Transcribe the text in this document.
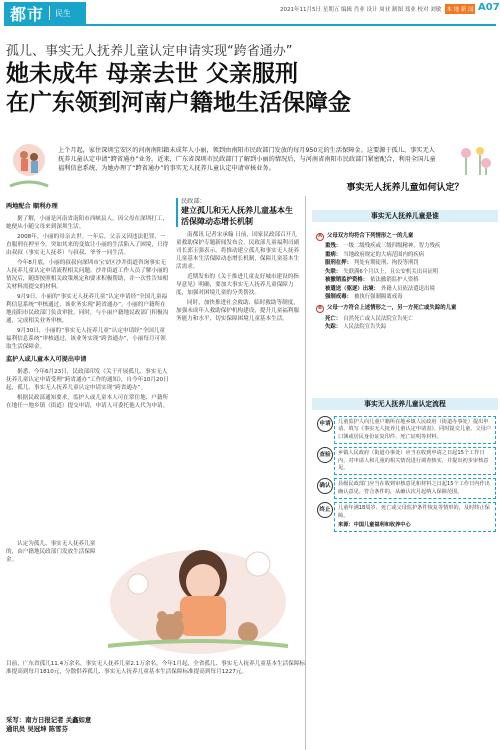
都市 民生	2021年11月5日 星期五 编辑 肖业 设计 周业 制图 郑业 校对 刘敏 本 地 新 闻 A07
孤儿、事实无人抚养儿童认定申请实现“跨省通办”
她未成年 母亲去世 父亲服刑
在广东领到河南户籍地生活保障金
上个月起，家住深圳宝安区的河南南阳籍未成年人小丽，领到由南阳市民政部门发放的每月950元的生活保障金。这要源于孤儿、事实无人抚养儿童认定申请“跨省通办”业务。近来，广东省深圳市民政部门了解到小丽的情况后，与河南省南阳市民政部门紧密配合，利用全国儿童福利信息系统，为她办理了“跨省通办”的事实无人抚养儿童认定申请审核业务。
两地配合 顺利办理

据了解，小丽是河南省南阳市西峡县人，因父母在深圳打工，她便从小随父母来到深圳生活。

2008年，小丽的母亲去世。一年后，父亲又因违法犯罪，一直服刑在押至今。突如其来的变故让小丽的生活陷入了困境，只得由叔叔（事实无人抚养）与叔叔、爷爷一同生活。

今年8月底，小丽的叔叔向深圳市宝安区沙井街道咨询事实无人抚养儿童认定申请流程相关问题。沙井街道工作人员了解小丽的情况后，随即按照相关政策规定和要求积极帮助，并一次性告知相关材料需提交的材料。

9月9日，小丽的“事实无人抚养儿童”认定申请经“全国儿童福利信息系统”审核通过，该业务实现“跨省通办”。小丽的户籍所在地南阳市民政部门负责审批，同时，与小丽户籍地民政部门积极沟通，完成相关业务审核。

9月30日，小丽的“事实无人抚养儿童”认定申请经“全国儿童福利信息系统”审核通过，该业务实现“跨省通办”，小丽每月可领取生活保障金。

监护人或儿童本人可提出申请

据悉，今年6月23日，民政部印发《关于开展孤儿、事实无人抚养儿童认定申请受理“跨省通办”工作的通知》，自今年10月20日起，孤儿、事实无人抚养儿童认定申请实现“跨省通办”。

根据民政部通知要求，监护人或儿童本人可在常住地、户籍所在地任一地乡镇（街道）提交申请，申请人可委托他人代为申请。

认定为孤儿、事实无人抚养儿童的，由户籍地民政部门发放生活保障金。

民政部：
建立孤儿和无人抚养儿童基本生活保障动态增长机制

南都讯 记者宋承翰 日前，国家民政部召开儿童救助保护专题新闻发布会，民政部儿童福利司副司长郭玉强表示，将推动建立孤儿和事实无人抚养儿童基本生活保障动态增长机制，保障儿童基本生活需求。

近期发布的《关于推进儿童友好城市建设的指导意见》明确，要加大事实无人抚养儿童保障力度，加强对困境儿童的分类帮扶。

同时，加快推进社会救助、临时救助等制度，加强未成年人救助保护机构建设，提升儿童福利服务能力和水平，切实保障困境儿童基本生活。

目前，广东省孤儿11.4万余名，事实无人抚养儿童2.1万余名。今年1月起，全省孤儿、事实无人抚养儿童基本生活保障标准提高到每月1810元，分散供养孤儿、事实无人抚养儿童基本生活保障标准提高到每月1227元。
采写：南方日报记者 关鑫如意
通讯员 吴冠坤 陈雪芬
事实无人抚养儿童如何认定？
事实无人抚养儿童是谁
A 父母双方均符合下列情形之一的儿童
重残： 一级二级残疾或三级四级精神、智力残疾
重病： 当地政府规定的大病范围内的疾病
服刑在押： 判处有期徒刑、拘役等刑罚
失联： 失联满6个月以上，且公安机关出具证明
被撤销监护资格： 依法撤销监护人资格
被遣送（驱逐）出境： 外籍人员依法遣送出境
强制戒毒： 被执行强制隔离戒毒
B 父母一方符合上述情形之一，另一方死亡或失踪的儿童
死亡： 自然死亡或人民法院宣告死亡
失踪： 人民法院宣告失踪
事实无人抚养儿童认定流程
申请	儿童监护人向儿童户籍所在地乡镇人民政府（街道办事处）提出申请，填写《事实无人抚养儿童认定申请表》，同时提交儿童、父母户口簿或居民身份证复印件、死亡证明等材料。
查验	乡镇人民政府（街道办事处）应当在收到申请之日起15个工作日内，对申请人和儿童的相关情况进行调查核实，并提出初步审核意见。
确认	县级民政部门应当在收到审核意见和材料之日起15个工作日内作出确认意见。符合条件的，从确认次月起纳入保障范围。
终止	儿童年满18周岁、死亡或父母监护条件恢复等情形的，及时终止保障。
来源：中国儿童福利和收养中心
